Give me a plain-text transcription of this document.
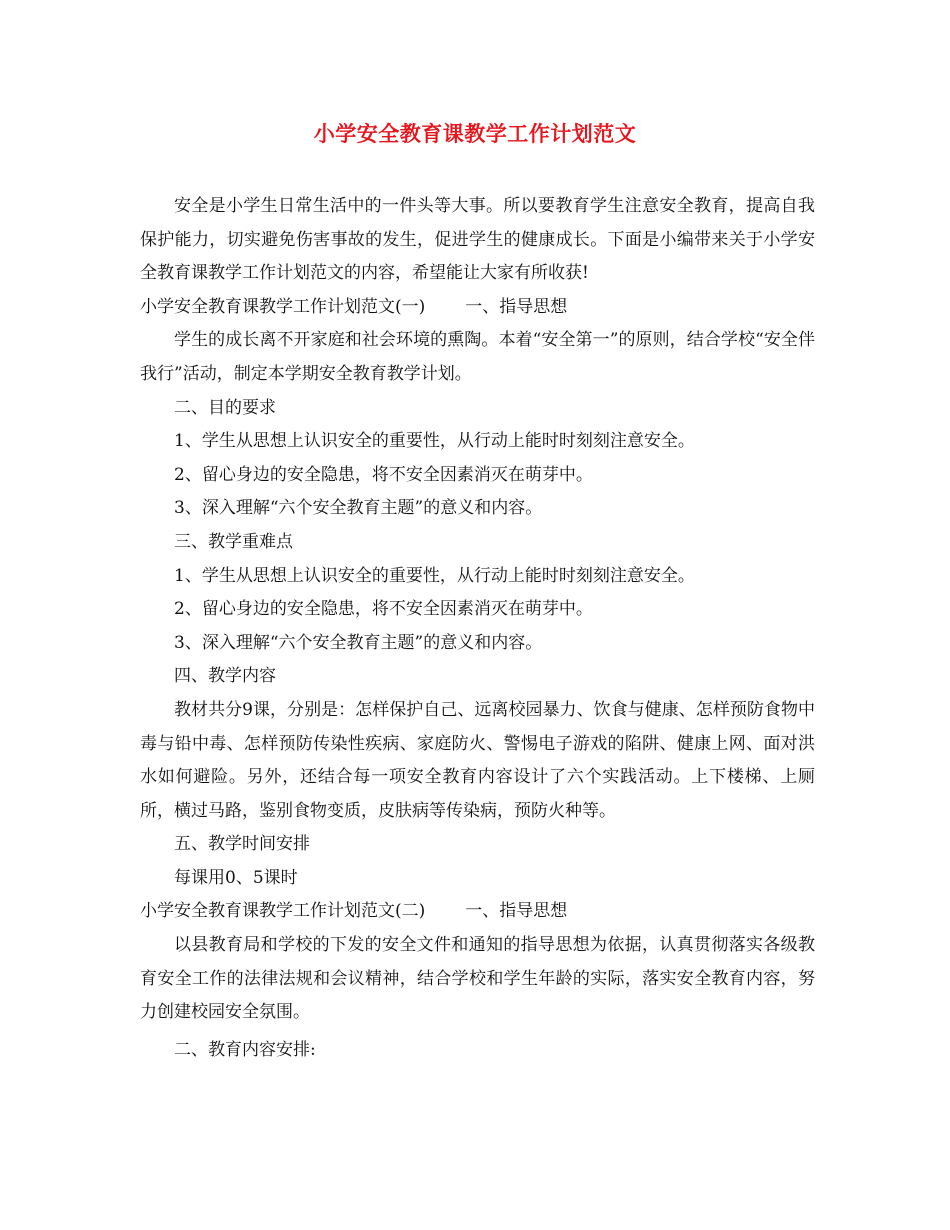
小学安全教育课教学工作计划范文

安全是小学生日常生活中的一件头等大事。所以要教育学生注意安全教育，提高自我保护能力，切实避免伤害事故的发生，促进学生的健康成长。下面是小编带来关于小学安全教育课教学工作计划范文的内容，希望能让大家有所收获!

小学安全教育课教学工作计划范文(一) 一、指导思想

学生的成长离不开家庭和社会环境的熏陶。本着“安全第一”的原则，结合学校“安全伴我行”活动，制定本学期安全教育教学计划。

二、目的要求

1、学生从思想上认识安全的重要性，从行动上能时时刻刻注意安全。

2、留心身边的安全隐患，将不安全因素消灭在萌芽中。

3、深入理解“六个安全教育主题”的意义和内容。

三、教学重难点

1、学生从思想上认识安全的重要性，从行动上能时时刻刻注意安全。

2、留心身边的安全隐患，将不安全因素消灭在萌芽中。

3、深入理解“六个安全教育主题”的意义和内容。

四、教学内容

教材共分9课，分别是：怎样保护自己、远离校园暴力、饮食与健康、怎样预防食物中毒与铅中毒、怎样预防传染性疾病、家庭防火、警惕电子游戏的陷阱、健康上网、面对洪水如何避险。另外，还结合每一项安全教育内容设计了六个实践活动。上下楼梯、上厕所，横过马路，鉴别食物变质，皮肤病等传染病，预防火种等。

五、教学时间安排

每课用0、5课时

小学安全教育课教学工作计划范文(二) 一、指导思想

以县教育局和学校的下发的安全文件和通知的指导思想为依据，认真贯彻落实各级教育安全工作的法律法规和会议精神，结合学校和学生年龄的实际，落实安全教育内容，努力创建校园安全氛围。

二、教育内容安排:
